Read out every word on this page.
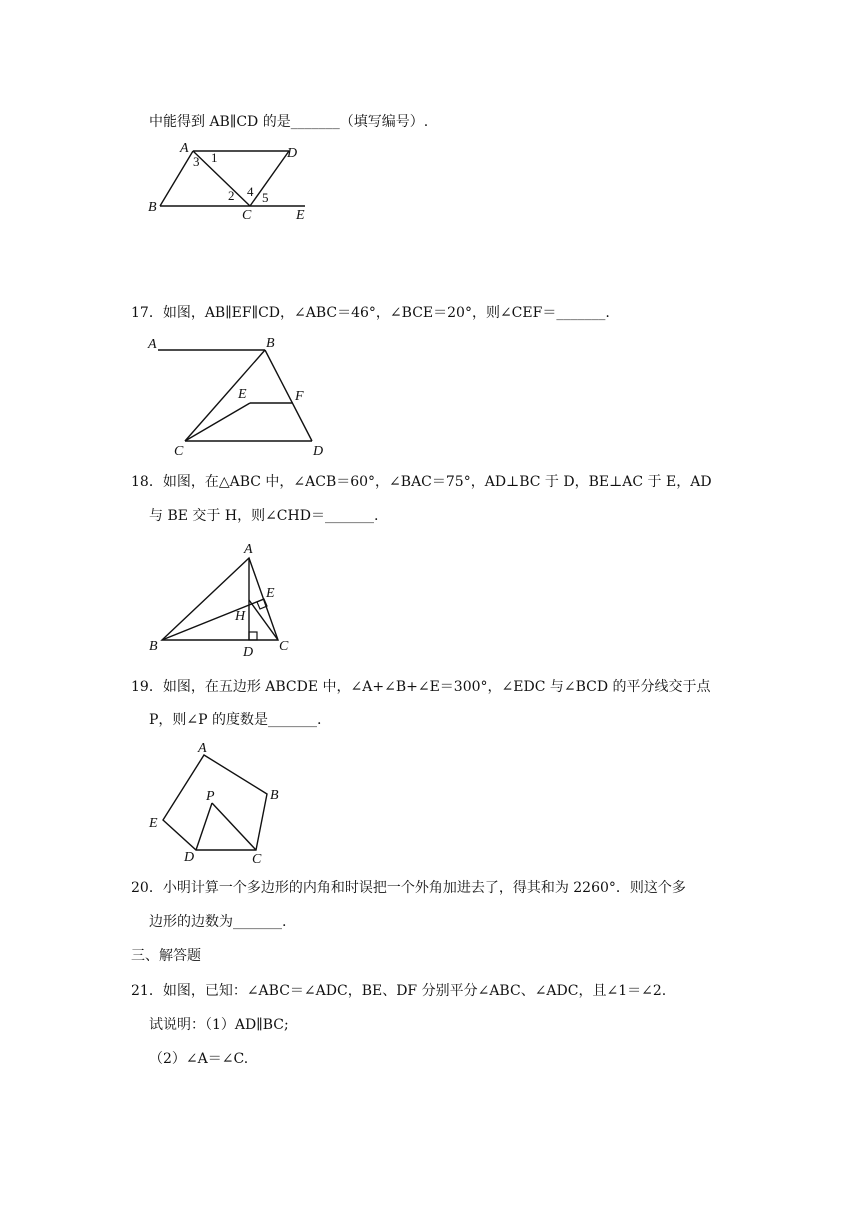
中能得到 AB∥CD 的是_______（填写编号）.
A	D
B
C	E
1
3
2 4 5
17．如图，AB∥EF∥CD，∠ABC＝46°，∠BCE＝20°，则∠CEF＝_______.
A	B
E	F
C	D
18．如图，在△ABC 中，∠ACB＝60°，∠BAC＝75°，AD⊥BC 于 D，BE⊥AC 于 E，AD
与 BE 交于 H，则∠CHD＝_______.
A
E
H
B	D C
19．如图，在五边形 ABCDE 中，∠A+∠B+∠E＝300°，∠EDC 与∠BCD 的平分线交于点
P，则∠P 的度数是_______.
A
B
P
E
D	C
20．小明计算一个多边形的内角和时误把一个外角加进去了，得其和为 2260°．则这个多
边形的边数为_______.
三、解答题
21．如图，已知：∠ABC＝∠ADC，BE、DF 分别平分∠ABC、∠ADC，且∠1＝∠2.
试说明：（1）AD∥BC;
（2）∠A＝∠C.
